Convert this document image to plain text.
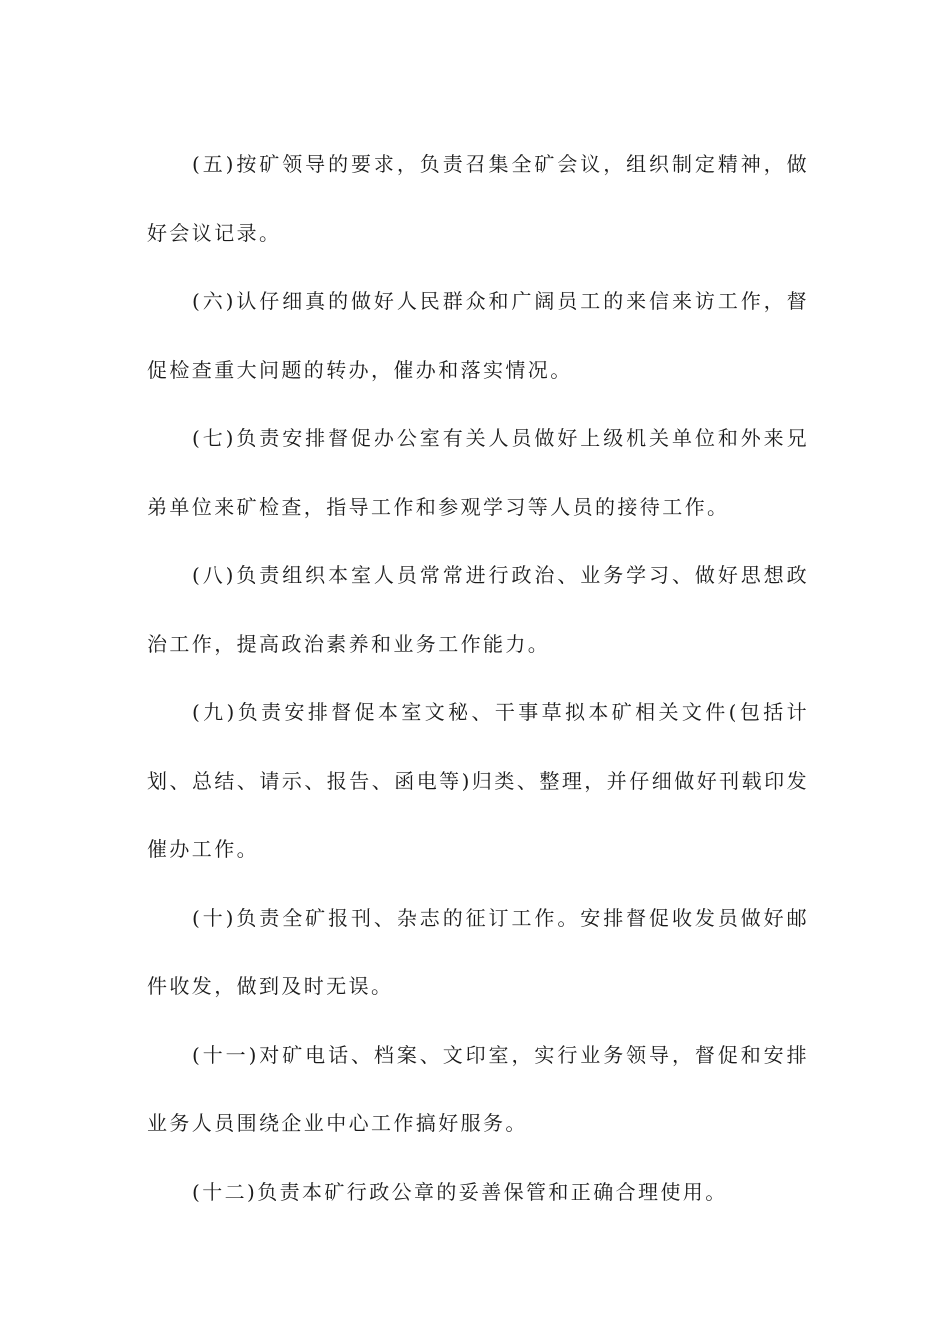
(五)按矿领导的要求，负责召集全矿会议，组织制定精神，做好会议记录。

(六)认仔细真的做好人民群众和广阔员工的来信来访工作，督促检查重大问题的转办，催办和落实情况。

(七)负责安排督促办公室有关人员做好上级机关单位和外来兄弟单位来矿检查，指导工作和参观学习等人员的接待工作。

(八)负责组织本室人员常常进行政治、业务学习、做好思想政治工作，提高政治素养和业务工作能力。

(九)负责安排督促本室文秘、干事草拟本矿相关文件(包括计划、总结、请示、报告、函电等)归类、整理，并仔细做好刊载印发催办工作。

(十)负责全矿报刊、杂志的征订工作。安排督促收发员做好邮件收发，做到及时无误。

(十一)对矿电话、档案、文印室，实行业务领导，督促和安排业务人员围绕企业中心工作搞好服务。

(十二)负责本矿行政公章的妥善保管和正确合理使用。
